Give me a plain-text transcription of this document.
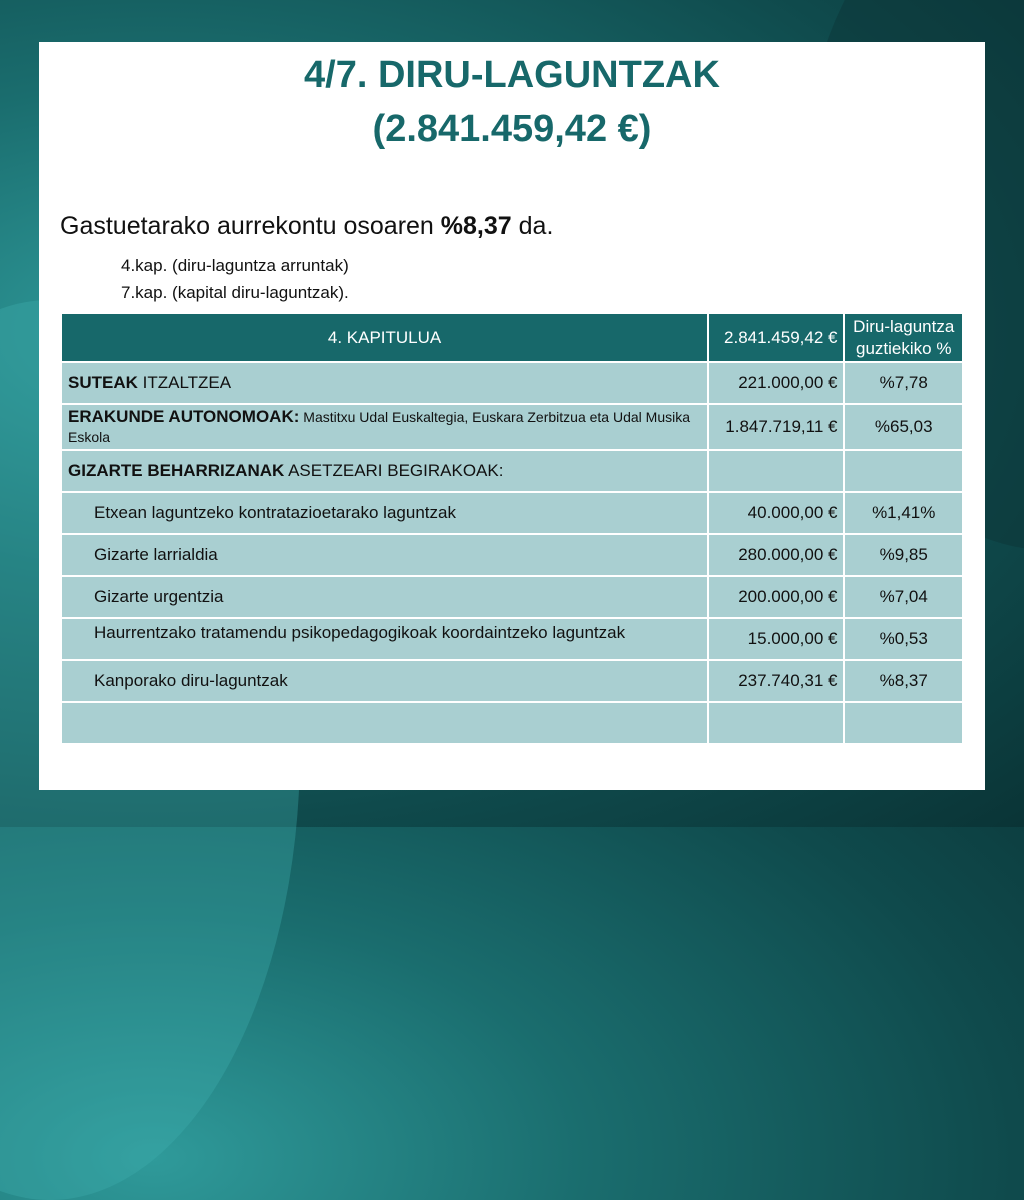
4/7. DIRU-LAGUNTZAK
(2.841.459,42 €)
Gastuetarako aurrekontu osoaren %8,37 da.
4.kap. (diru-laguntza arruntak)
7.kap. (kapital diru-laguntzak).
4. KAPITULUA	2.841.459,42 €	Diru-laguntza guztiekiko %
SUTEAK ITZALTZEA	221.000,00 €	%7,78
ERAKUNDE AUTONOMOAK: Mastitxu Udal Euskaltegia, Euskara Zerbitzua eta Udal Musika Eskola	1.847.719,11 €	%65,03
GIZARTE BEHARRIZANAK ASETZEARI BEGIRAKOAK:		
Etxean laguntzeko kontratazioetarako laguntzak	40.000,00 €	%1,41%
Gizarte larrialdia	280.000,00 €	%9,85
Gizarte urgentzia	200.000,00 €	%7,04
Haurrentzako tratamendu psikopedagogikoak koordaintzeko laguntzak	15.000,00 €	%0,53
Kanporako diru-laguntzak	237.740,31 €	%8,37
